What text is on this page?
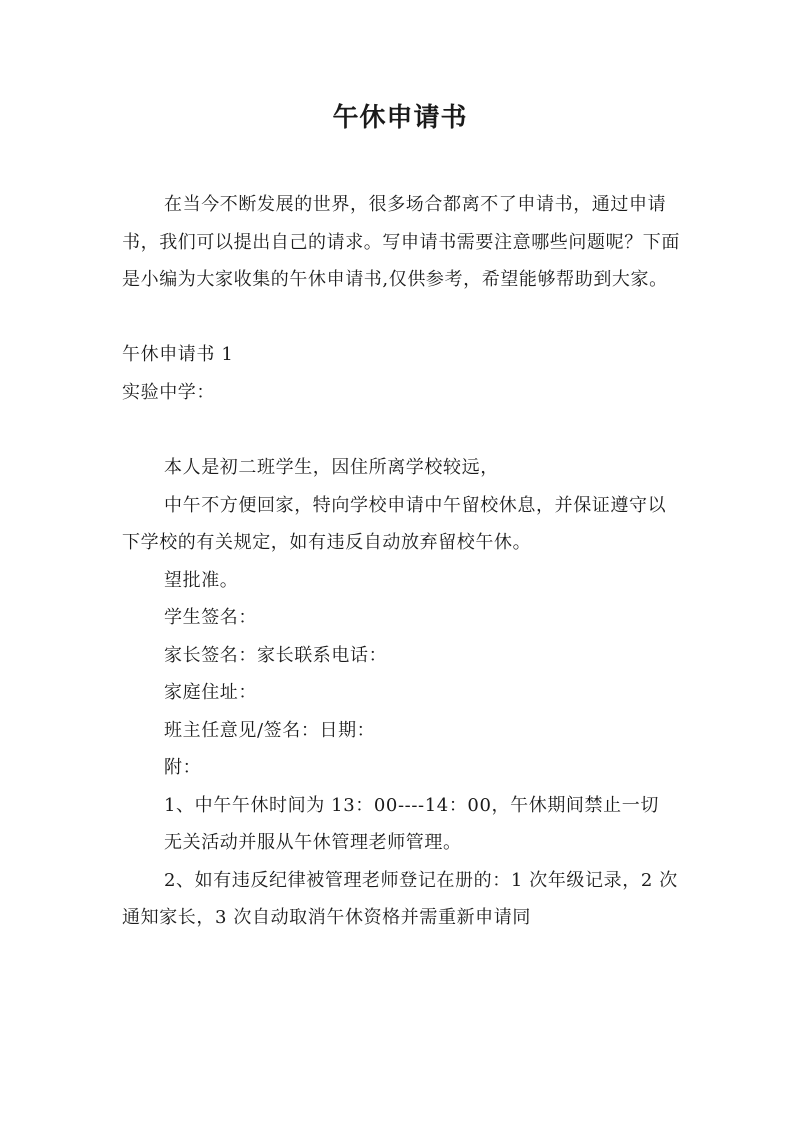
午休申请书

在当今不断发展的世界，很多场合都离不了申请书，通过申请书，我们可以提出自己的请求。写申请书需要注意哪些问题呢？下面是小编为大家收集的午休申请书,仅供参考，希望能够帮助到大家。

午休申请书 1

实验中学：

本人是初二班学生，因住所离学校较远，

中午不方便回家，特向学校申请中午留校休息，并保证遵守以下学校的有关规定，如有违反自动放弃留校午休。

望批准。

学生签名：

家长签名：家长联系电话：

家庭住址：

班主任意见/签名：日期：

附：

1、中午午休时间为 13：00----14：00，午休期间禁止一切

无关活动并服从午休管理老师管理。

2、如有违反纪律被管理老师登记在册的：1 次年级记录，2 次通知家长，3 次自动取消午休资格并需重新申请同
